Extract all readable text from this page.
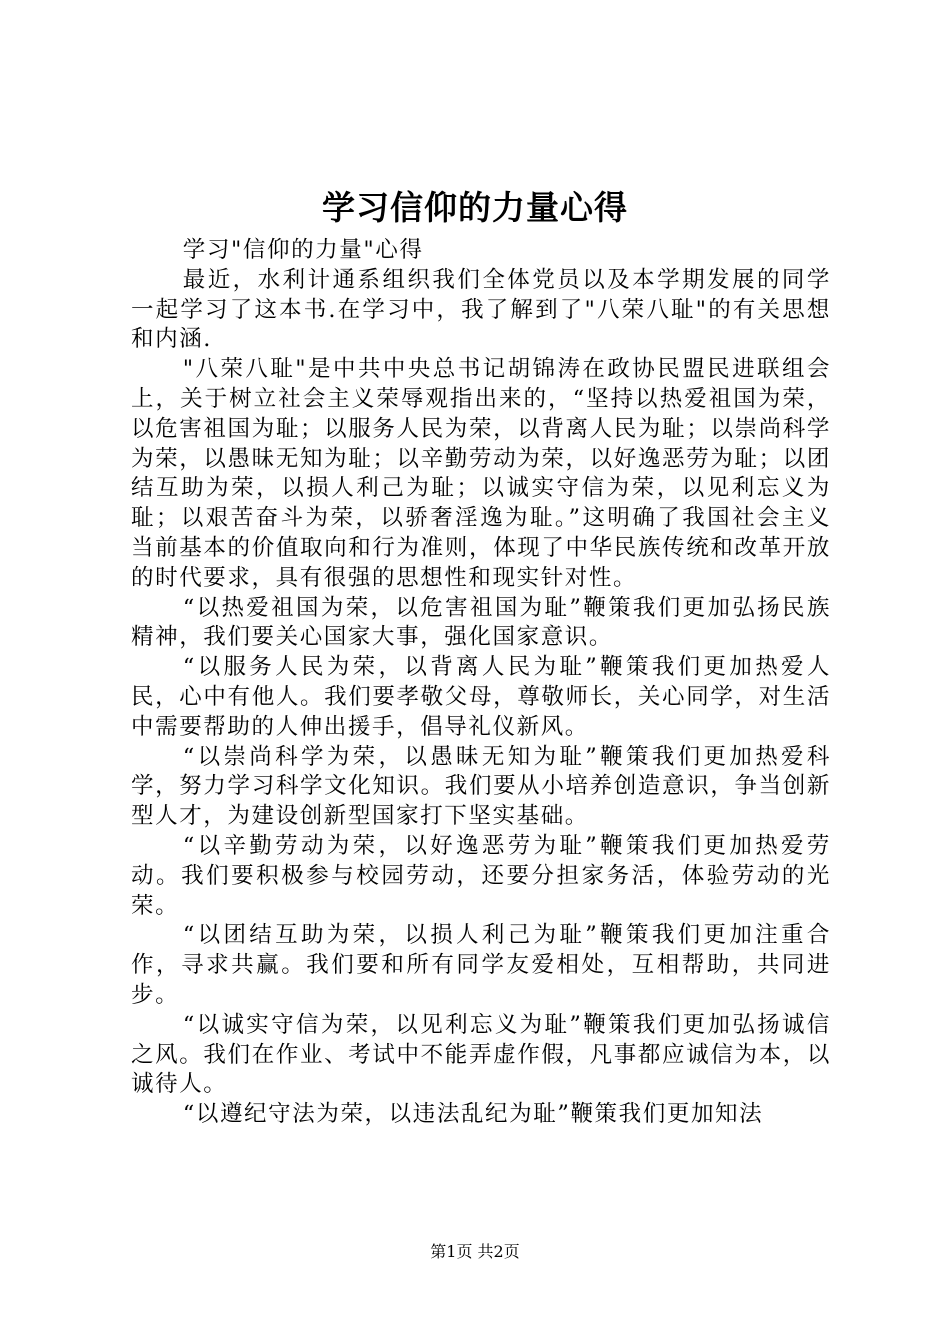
学习信仰的力量心得

学习"信仰的力量"心得

最近，水利计通系组织我们全体党员以及本学期发展的同学一起学习了这本书.在学习中，我了解到了"八荣八耻"的有关思想和内涵.

"八荣八耻"是中共中央总书记胡锦涛在政协民盟民进联组会上，关于树立社会主义荣辱观指出来的，“坚持以热爱祖国为荣，以危害祖国为耻；以服务人民为荣，以背离人民为耻；以崇尚科学为荣，以愚昧无知为耻；以辛勤劳动为荣，以好逸恶劳为耻；以团结互助为荣，以损人利己为耻；以诚实守信为荣，以见利忘义为耻；以艰苦奋斗为荣，以骄奢淫逸为耻。”这明确了我国社会主义当前基本的价值取向和行为准则，体现了中华民族传统和改革开放的时代要求，具有很强的思想性和现实针对性。

“以热爱祖国为荣，以危害祖国为耻”鞭策我们更加弘扬民族精神，我们要关心国家大事，强化国家意识。

“以服务人民为荣，以背离人民为耻”鞭策我们更加热爱人民，心中有他人。我们要孝敬父母，尊敬师长，关心同学，对生活中需要帮助的人伸出援手，倡导礼仪新风。

“以崇尚科学为荣，以愚昧无知为耻”鞭策我们更加热爱科学，努力学习科学文化知识。我们要从小培养创造意识，争当创新型人才，为建设创新型国家打下坚实基础。

“以辛勤劳动为荣，以好逸恶劳为耻”鞭策我们更加热爱劳动。我们要积极参与校园劳动，还要分担家务活，体验劳动的光荣。

“以团结互助为荣，以损人利己为耻”鞭策我们更加注重合作，寻求共赢。我们要和所有同学友爱相处，互相帮助，共同进步。

“以诚实守信为荣，以见利忘义为耻”鞭策我们更加弘扬诚信之风。我们在作业、考试中不能弄虚作假，凡事都应诚信为本，以诚待人。

“以遵纪守法为荣，以违法乱纪为耻”鞭策我们更加知法

第1页 共2页
